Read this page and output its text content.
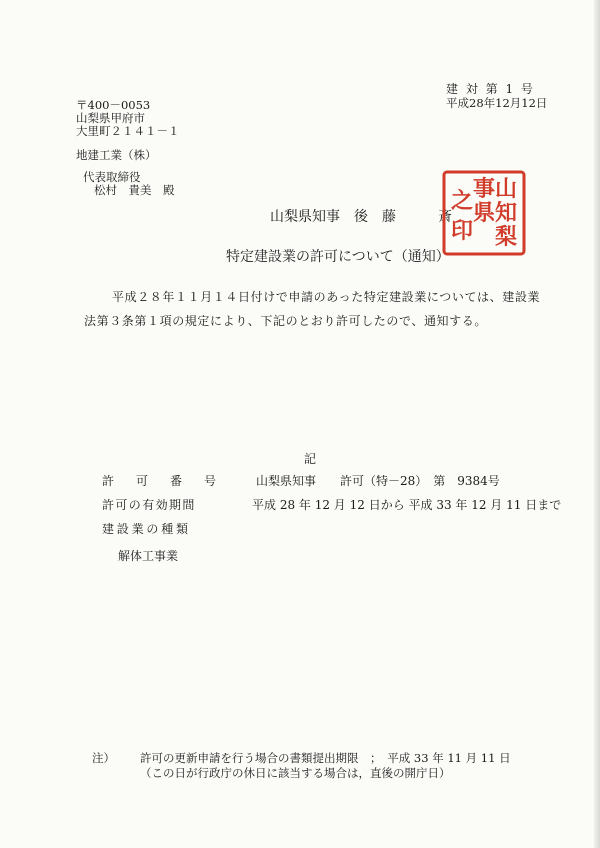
建 対 第 1 号
平成28年12月12日
〒400－0053
山梨県甲府市
大里町２１４１－１
地建工業（株）
代表取締役
松村　貴美　殿
山梨県知事　後　藤　　　斎
山
知
梨
事
県
之
印
特定建設業の許可について（通知）
平成２８年１１月１４日付けで申請のあった特定建設業については、建設業法第３条第１項の規定により、下記のとおり許可したので、通知する。
記
許　可　番　号	山梨県知事　　許可（特－28）　第　9384号
許可の有効期間	平成 28 年 12 月 12 日から 平成 33 年 12 月 11 日まで
建設業の種類
解体工事業
注） 許可の更新申請を行う場合の書類提出期限　；　平成 33 年 11 月 11 日
（この日が行政庁の休日に該当する場合は，直後の開庁日）
